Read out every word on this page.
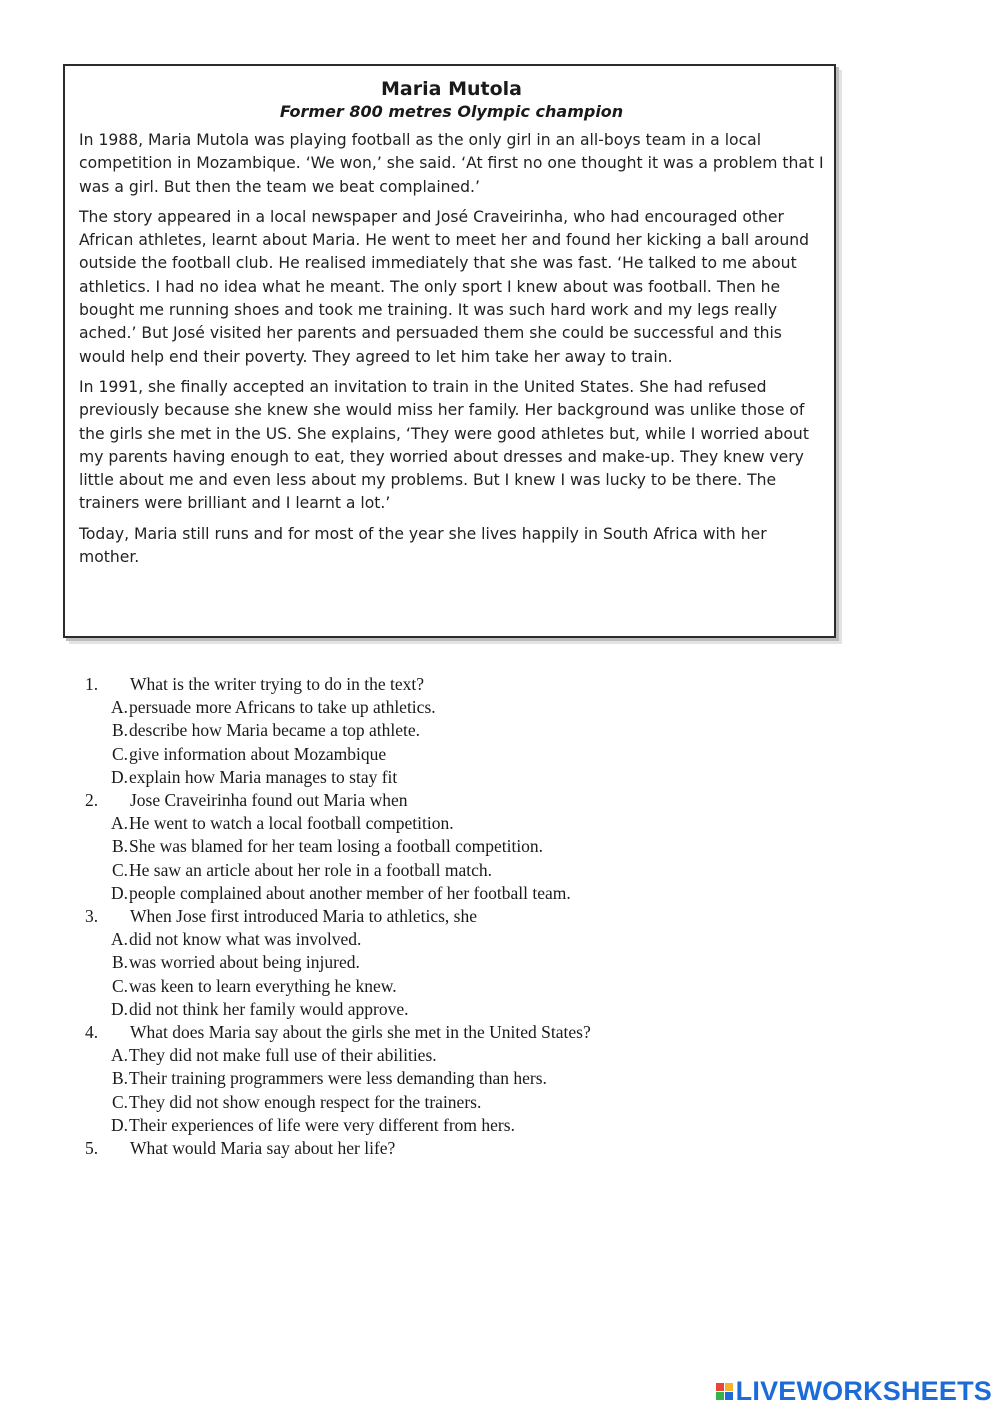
Maria Mutola
Former 800 metres Olympic champion

In 1988, Maria Mutola was playing football as the only girl in an all-boys team in a local competition in Mozambique. ‘We won,’ she said. ‘At first no one thought it was a problem that I was a girl. But then the team we beat complained.’

The story appeared in a local newspaper and José Craveirinha, who had encouraged other African athletes, learnt about Maria. He went to meet her and found her kicking a ball around outside the football club. He realised immediately that she was fast. ‘He talked to me about athletics. I had no idea what he meant. The only sport I knew about was football. Then he bought me running shoes and took me training. It was such hard work and my legs really ached.’ But José visited her parents and persuaded them she could be successful and this would help end their poverty. They agreed to let him take her away to train.

In 1991, she finally accepted an invitation to train in the United States. She had refused previously because she knew she would miss her family. Her background was unlike those of the girls she met in the US. She explains, ‘They were good athletes but, while I worried about my parents having enough to eat, they worried about dresses and make-up. They knew very little about me and even less about my problems. But I knew I was lucky to be there. The trainers were brilliant and I learnt a lot.’

Today, Maria still runs and for most of the year she lives happily in South Africa with her mother.

1.	What is the writer trying to do in the text?
A. persuade more Africans to take up athletics.
B. describe how Maria became a top athlete.
C. give information about Mozambique
D. explain how Maria manages to stay fit
2.	Jose Craveirinha found out Maria when
A. He went to watch a local football competition.
B. She was blamed for her team losing a football competition.
C. He saw an article about her role in a football match.
D. people complained about another member of her football team.
3.	When Jose first introduced Maria to athletics, she
A. did not know what was involved.
B. was worried about being injured.
C. was keen to learn everything he knew.
D. did not think her family would approve.
4.	What does Maria say about the girls she met in the United States?
A. They did not make full use of their abilities.
B. Their training programmers were less demanding than hers.
C. They did not show enough respect for the trainers.
D. Their experiences of life were very different from hers.
5.	What would Maria say about her life?
LIVEWORKSHEETS
